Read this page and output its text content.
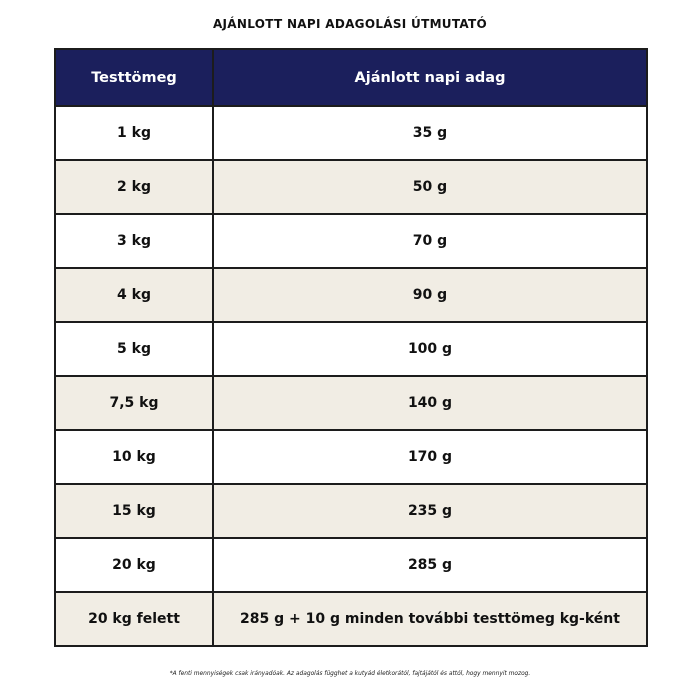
AJÁNLOTT NAPI ADAGOLÁSI ÚTMUTATÓ
Testtömeg	Ajánlott napi adag
1 kg	35 g
2 kg	50 g
3 kg	70 g
4 kg	90 g
5 kg	100 g
7,5 kg	140 g
10 kg	170 g
15 kg	235 g
20 kg	285 g
20 kg felett	285 g + 10 g minden további testtömeg kg-ként
*A fenti mennyiségek csak irányadóak. Az adagolás függhet a kutyád életkorától, fajtájától és attól, hogy mennyit mozog.
